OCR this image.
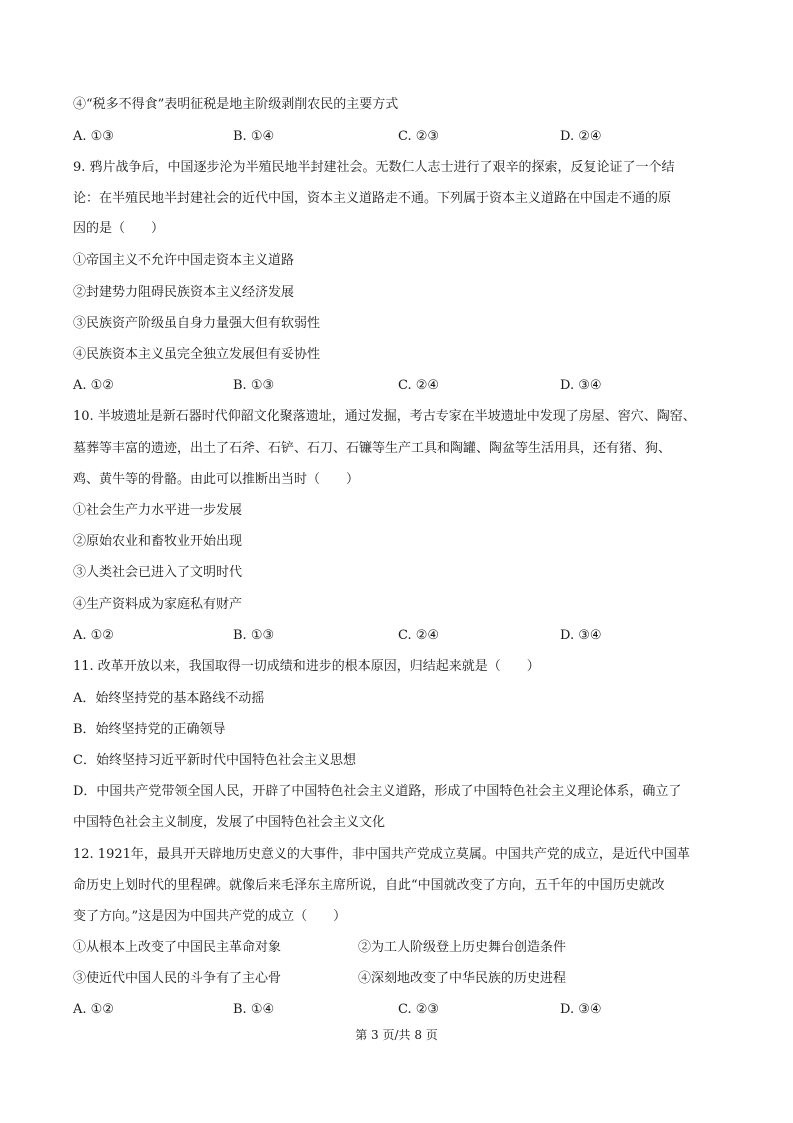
④“税多不得食”表明征税是地主阶级剥削农民的主要方式
A. ①③	B. ①④	C. ②③	D. ②④
9. 鸦片战争后，中国逐步沦为半殖民地半封建社会。无数仁人志士进行了艰辛的探索，反复论证了一个结
论：在半殖民地半封建社会的近代中国，资本主义道路走不通。下列属于资本主义道路在中国走不通的原
因的是（　　）
①帝国主义不允许中国走资本主义道路
②封建势力阻碍民族资本主义经济发展
③民族资产阶级虽自身力量强大但有软弱性
④民族资本主义虽完全独立发展但有妥协性
A. ①②	B. ①③	C. ②④	D. ③④
10. 半坡遗址是新石器时代仰韶文化聚落遗址，通过发掘，考古专家在半坡遗址中发现了房屋、窖穴、陶窑、
墓葬等丰富的遗迹，出土了石斧、石铲、石刀、石镰等生产工具和陶罐、陶盆等生活用具，还有猪、狗、
鸡、黄牛等的骨骼。由此可以推断出当时（　　）
①社会生产力水平进一步发展
②原始农业和畜牧业开始出现
③人类社会已进入了文明时代
④生产资料成为家庭私有财产
A. ①②	B. ①③	C. ②④	D. ③④
11. 改革开放以来，我国取得一切成绩和进步的根本原因，归结起来就是（　　）
A．始终坚持党的基本路线不动摇
B．始终坚持党的正确领导
C．始终坚持习近平新时代中国特色社会主义思想
D．中国共产党带领全国人民，开辟了中国特色社会主义道路，形成了中国特色社会主义理论体系，确立了
中国特色社会主义制度，发展了中国特色社会主义文化
12. 1921年，最具开天辟地历史意义的大事件，非中国共产党成立莫属。中国共产党的成立，是近代中国革
命历史上划时代的里程碑。就像后来毛泽东主席所说，自此“中国就改变了方向，五千年的中国历史就改
变了方向。”这是因为中国共产党的成立（　　）
①从根本上改变了中国民主革命对象	②为工人阶级登上历史舞台创造条件
③使近代中国人民的斗争有了主心骨	④深刻地改变了中华民族的历史进程
A. ①②	B. ①④	C. ②③	D. ③④
第 3 页/共 8 页
